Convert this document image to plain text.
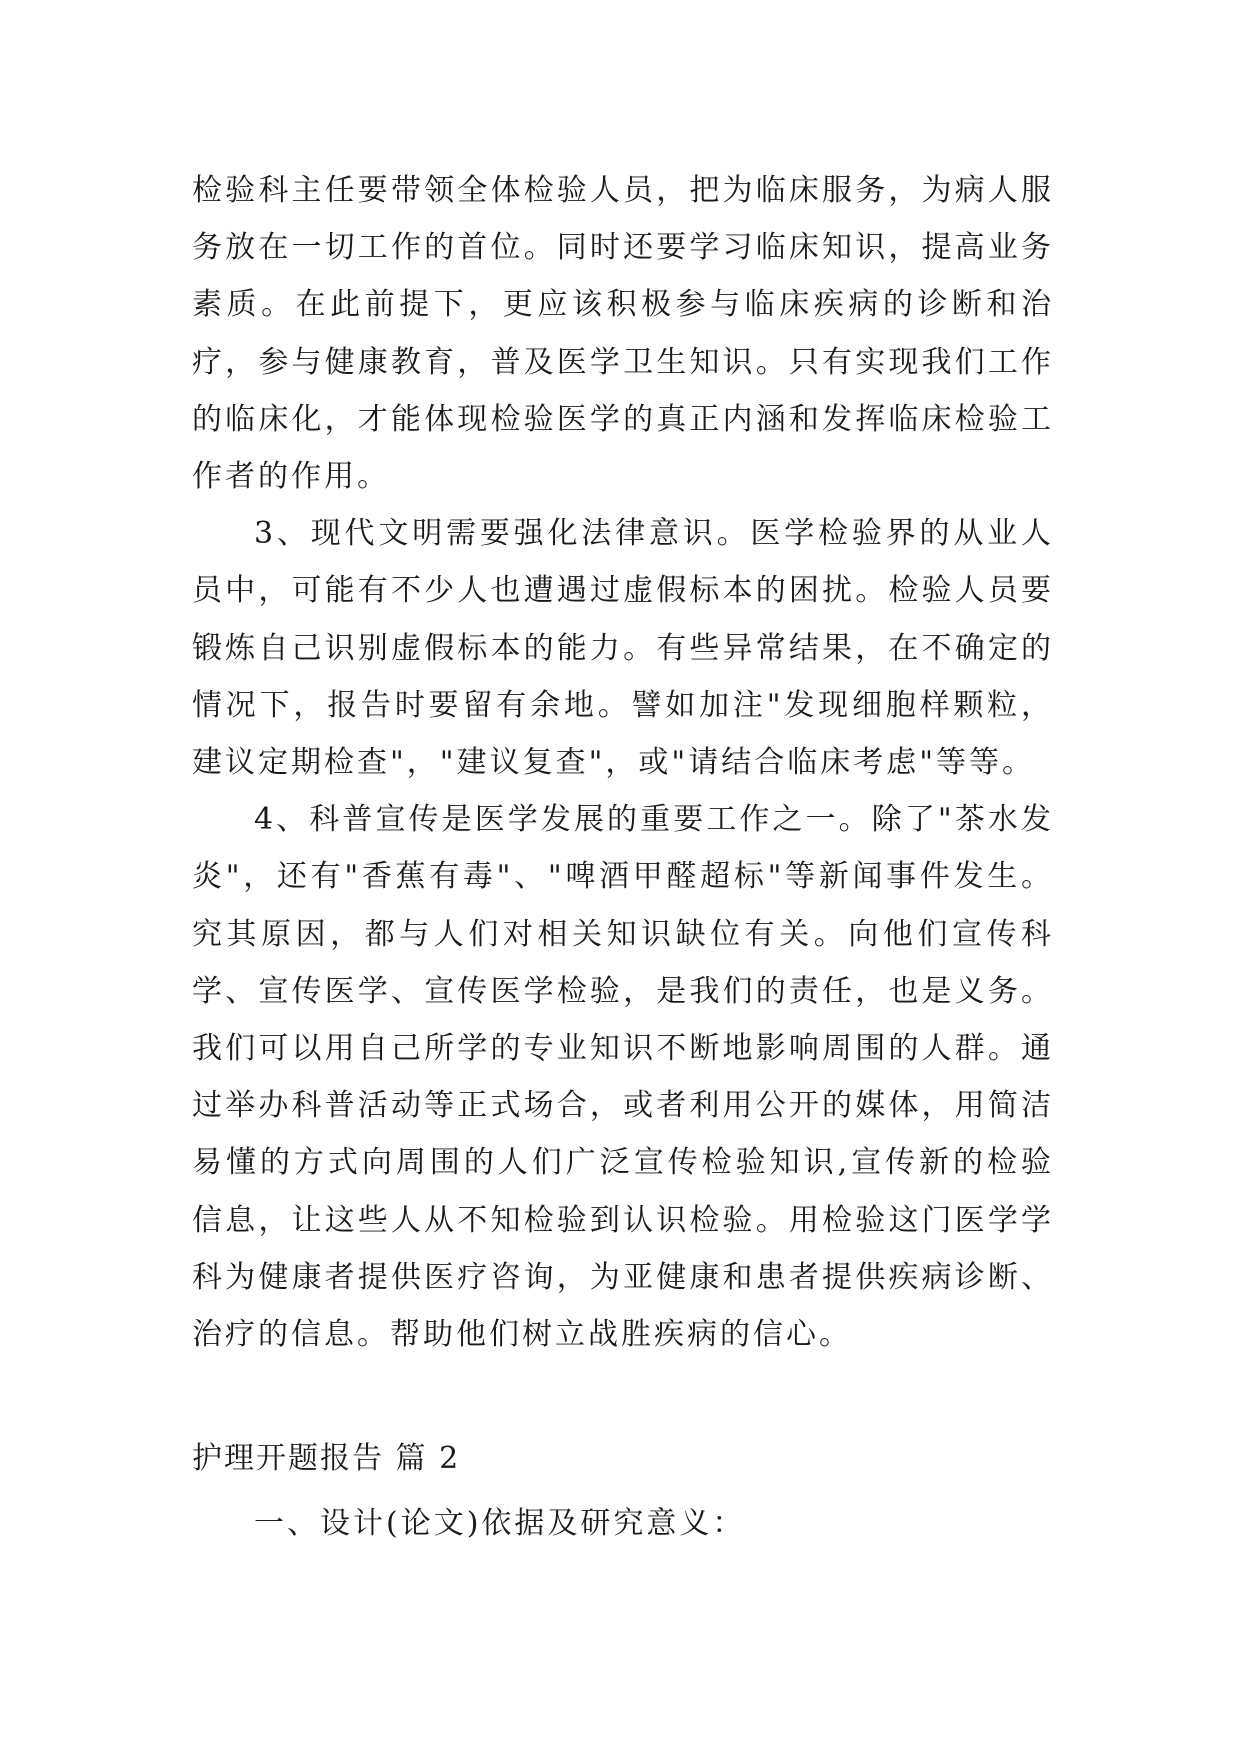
检验科主任要带领全体检验人员，把为临床服务，为病人服务放在一切工作的首位。同时还要学习临床知识，提高业务素质。在此前提下，更应该积极参与临床疾病的诊断和治疗，参与健康教育，普及医学卫生知识。只有实现我们工作的临床化，才能体现检验医学的真正内涵和发挥临床检验工作者的作用。

3、现代文明需要强化法律意识。医学检验界的从业人员中，可能有不少人也遭遇过虚假标本的困扰。检验人员要锻炼自己识别虚假标本的能力。有些异常结果，在不确定的情况下，报告时要留有余地。譬如加注"发现细胞样颗粒，建议定期检查"，"建议复查"，或"请结合临床考虑"等等。

4、科普宣传是医学发展的重要工作之一。除了"茶水发炎"，还有"香蕉有毒"、"啤酒甲醛超标"等新闻事件发生。究其原因，都与人们对相关知识缺位有关。向他们宣传科学、宣传医学、宣传医学检验，是我们的责任，也是义务。我们可以用自己所学的专业知识不断地影响周围的人群。通过举办科普活动等正式场合，或者利用公开的媒体，用简洁易懂的方式向周围的人们广泛宣传检验知识,宣传新的检验信息，让这些人从不知检验到认识检验。用检验这门医学学科为健康者提供医疗咨询，为亚健康和患者提供疾病诊断、治疗的信息。帮助他们树立战胜疾病的信心。

护理开题报告 篇 2
一、设计(论文)依据及研究意义：
